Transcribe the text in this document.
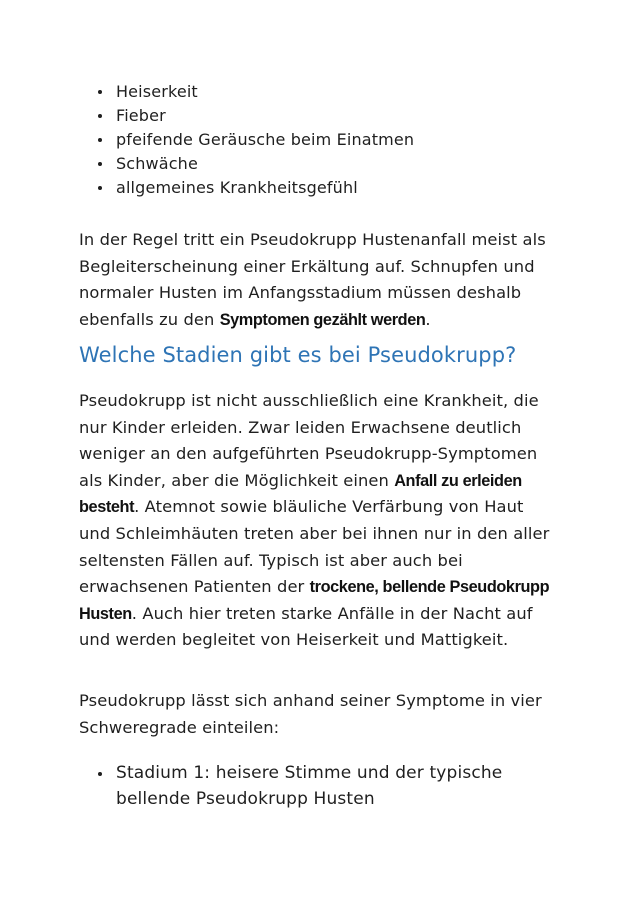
Heiserkeit
Fieber
pfeifende Geräusche beim Einatmen
Schwäche
allgemeines Krankheitsgefühl

In der Regel tritt ein Pseudokrupp Hustenanfall meist als Begleiterscheinung einer Erkältung auf. Schnupfen und normaler Husten im Anfangsstadium müssen deshalb ebenfalls zu den Symptomen gezählt werden.

Welche Stadien gibt es bei Pseudokrupp?

Pseudokrupp ist nicht ausschließlich eine Krankheit, die nur Kinder erleiden. Zwar leiden Erwachsene deutlich weniger an den aufgeführten Pseudokrupp-Symptomen als Kinder, aber die Möglichkeit einen Anfall zu erleiden besteht. Atemnot sowie bläuliche Verfärbung von Haut und Schleimhäuten treten aber bei ihnen nur in den aller seltensten Fällen auf. Typisch ist aber auch bei erwachsenen Patienten der trockene, bellende Pseudokrupp Husten. Auch hier treten starke Anfälle in der Nacht auf und werden begleitet von Heiserkeit und Mattigkeit.

Pseudokrupp lässt sich anhand seiner Symptome in vier Schweregrade einteilen:

Stadium 1: heisere Stimme und der typische bellende Pseudokrupp Husten
